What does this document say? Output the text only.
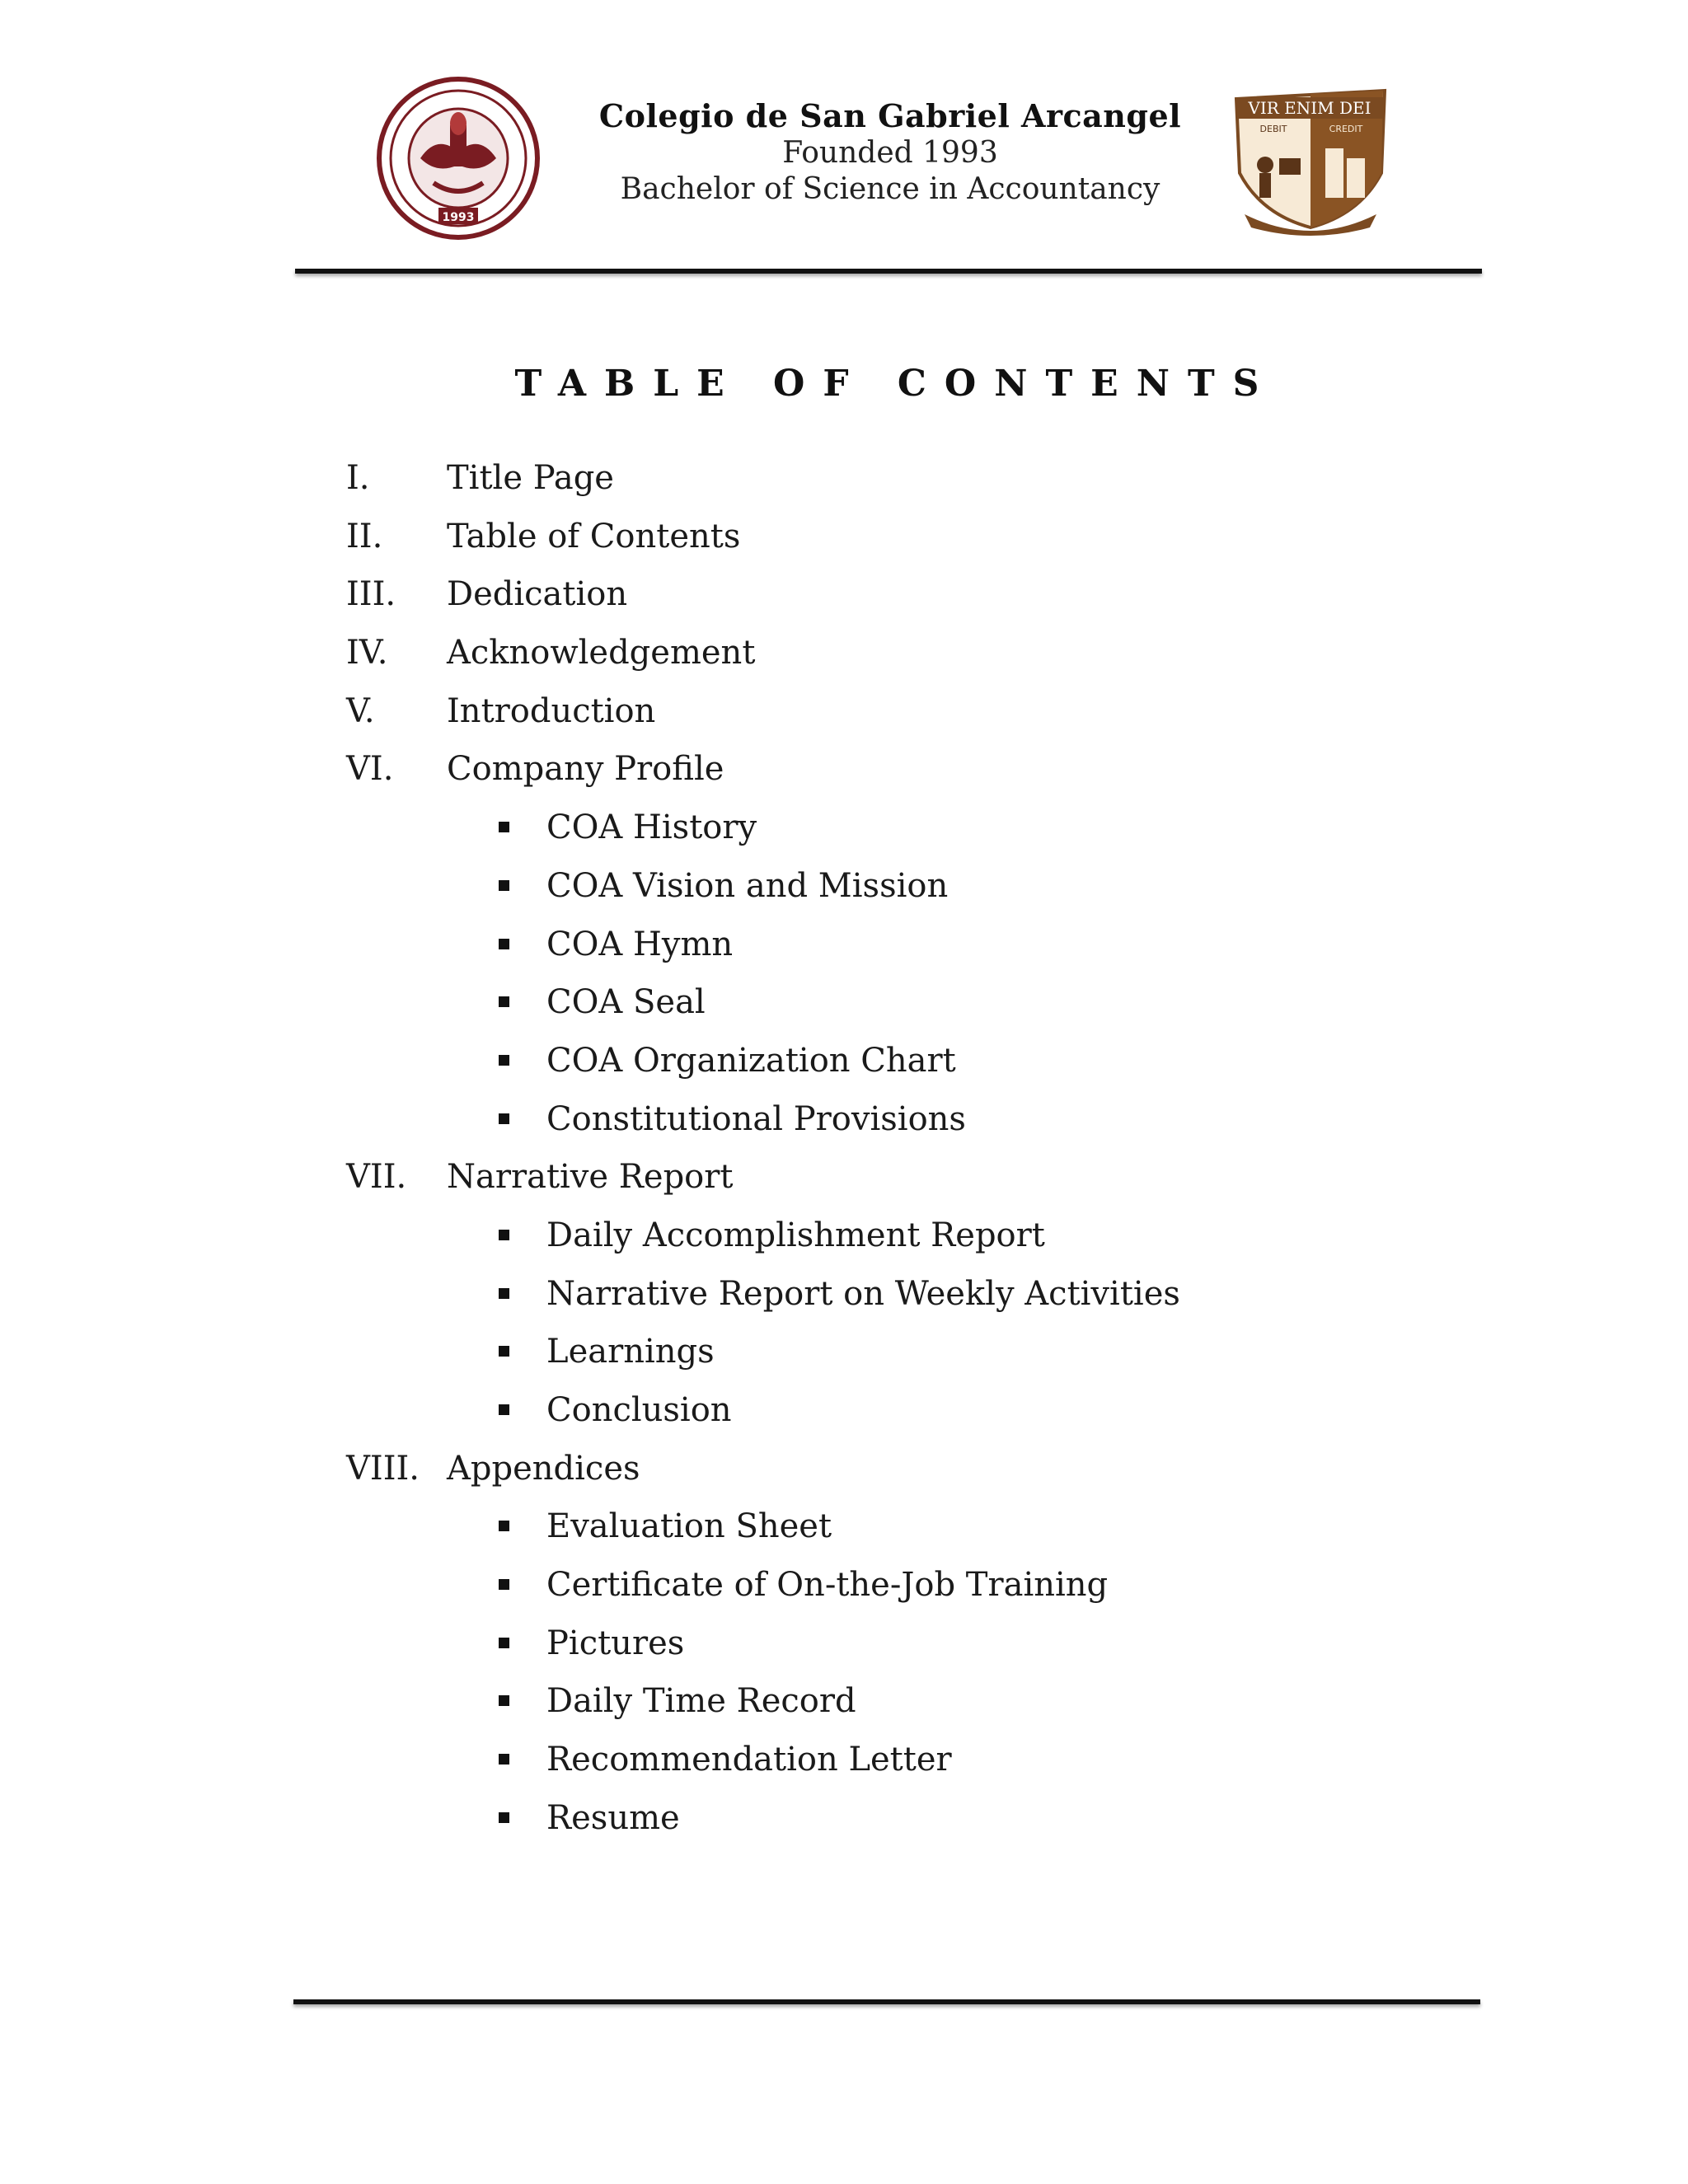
1993
Colegio de San Gabriel Arcangel
Founded 1993
Bachelor of Science in Accountancy
VIR ENIM DEI
DEBIT	CREDIT
TABLE OF CONTENTS
I. Title Page
II. Table of Contents
III. Dedication
IV. Acknowledgement
V. Introduction
VI. Company Profile
COA History
COA Vision and Mission
COA Hymn
COA Seal
COA Organization Chart
Constitutional Provisions
VII. Narrative Report
Daily Accomplishment Report
Narrative Report on Weekly Activities
Learnings
Conclusion
VIII. Appendices
Evaluation Sheet
Certificate of On-the-Job Training
Pictures
Daily Time Record
Recommendation Letter
Resume
